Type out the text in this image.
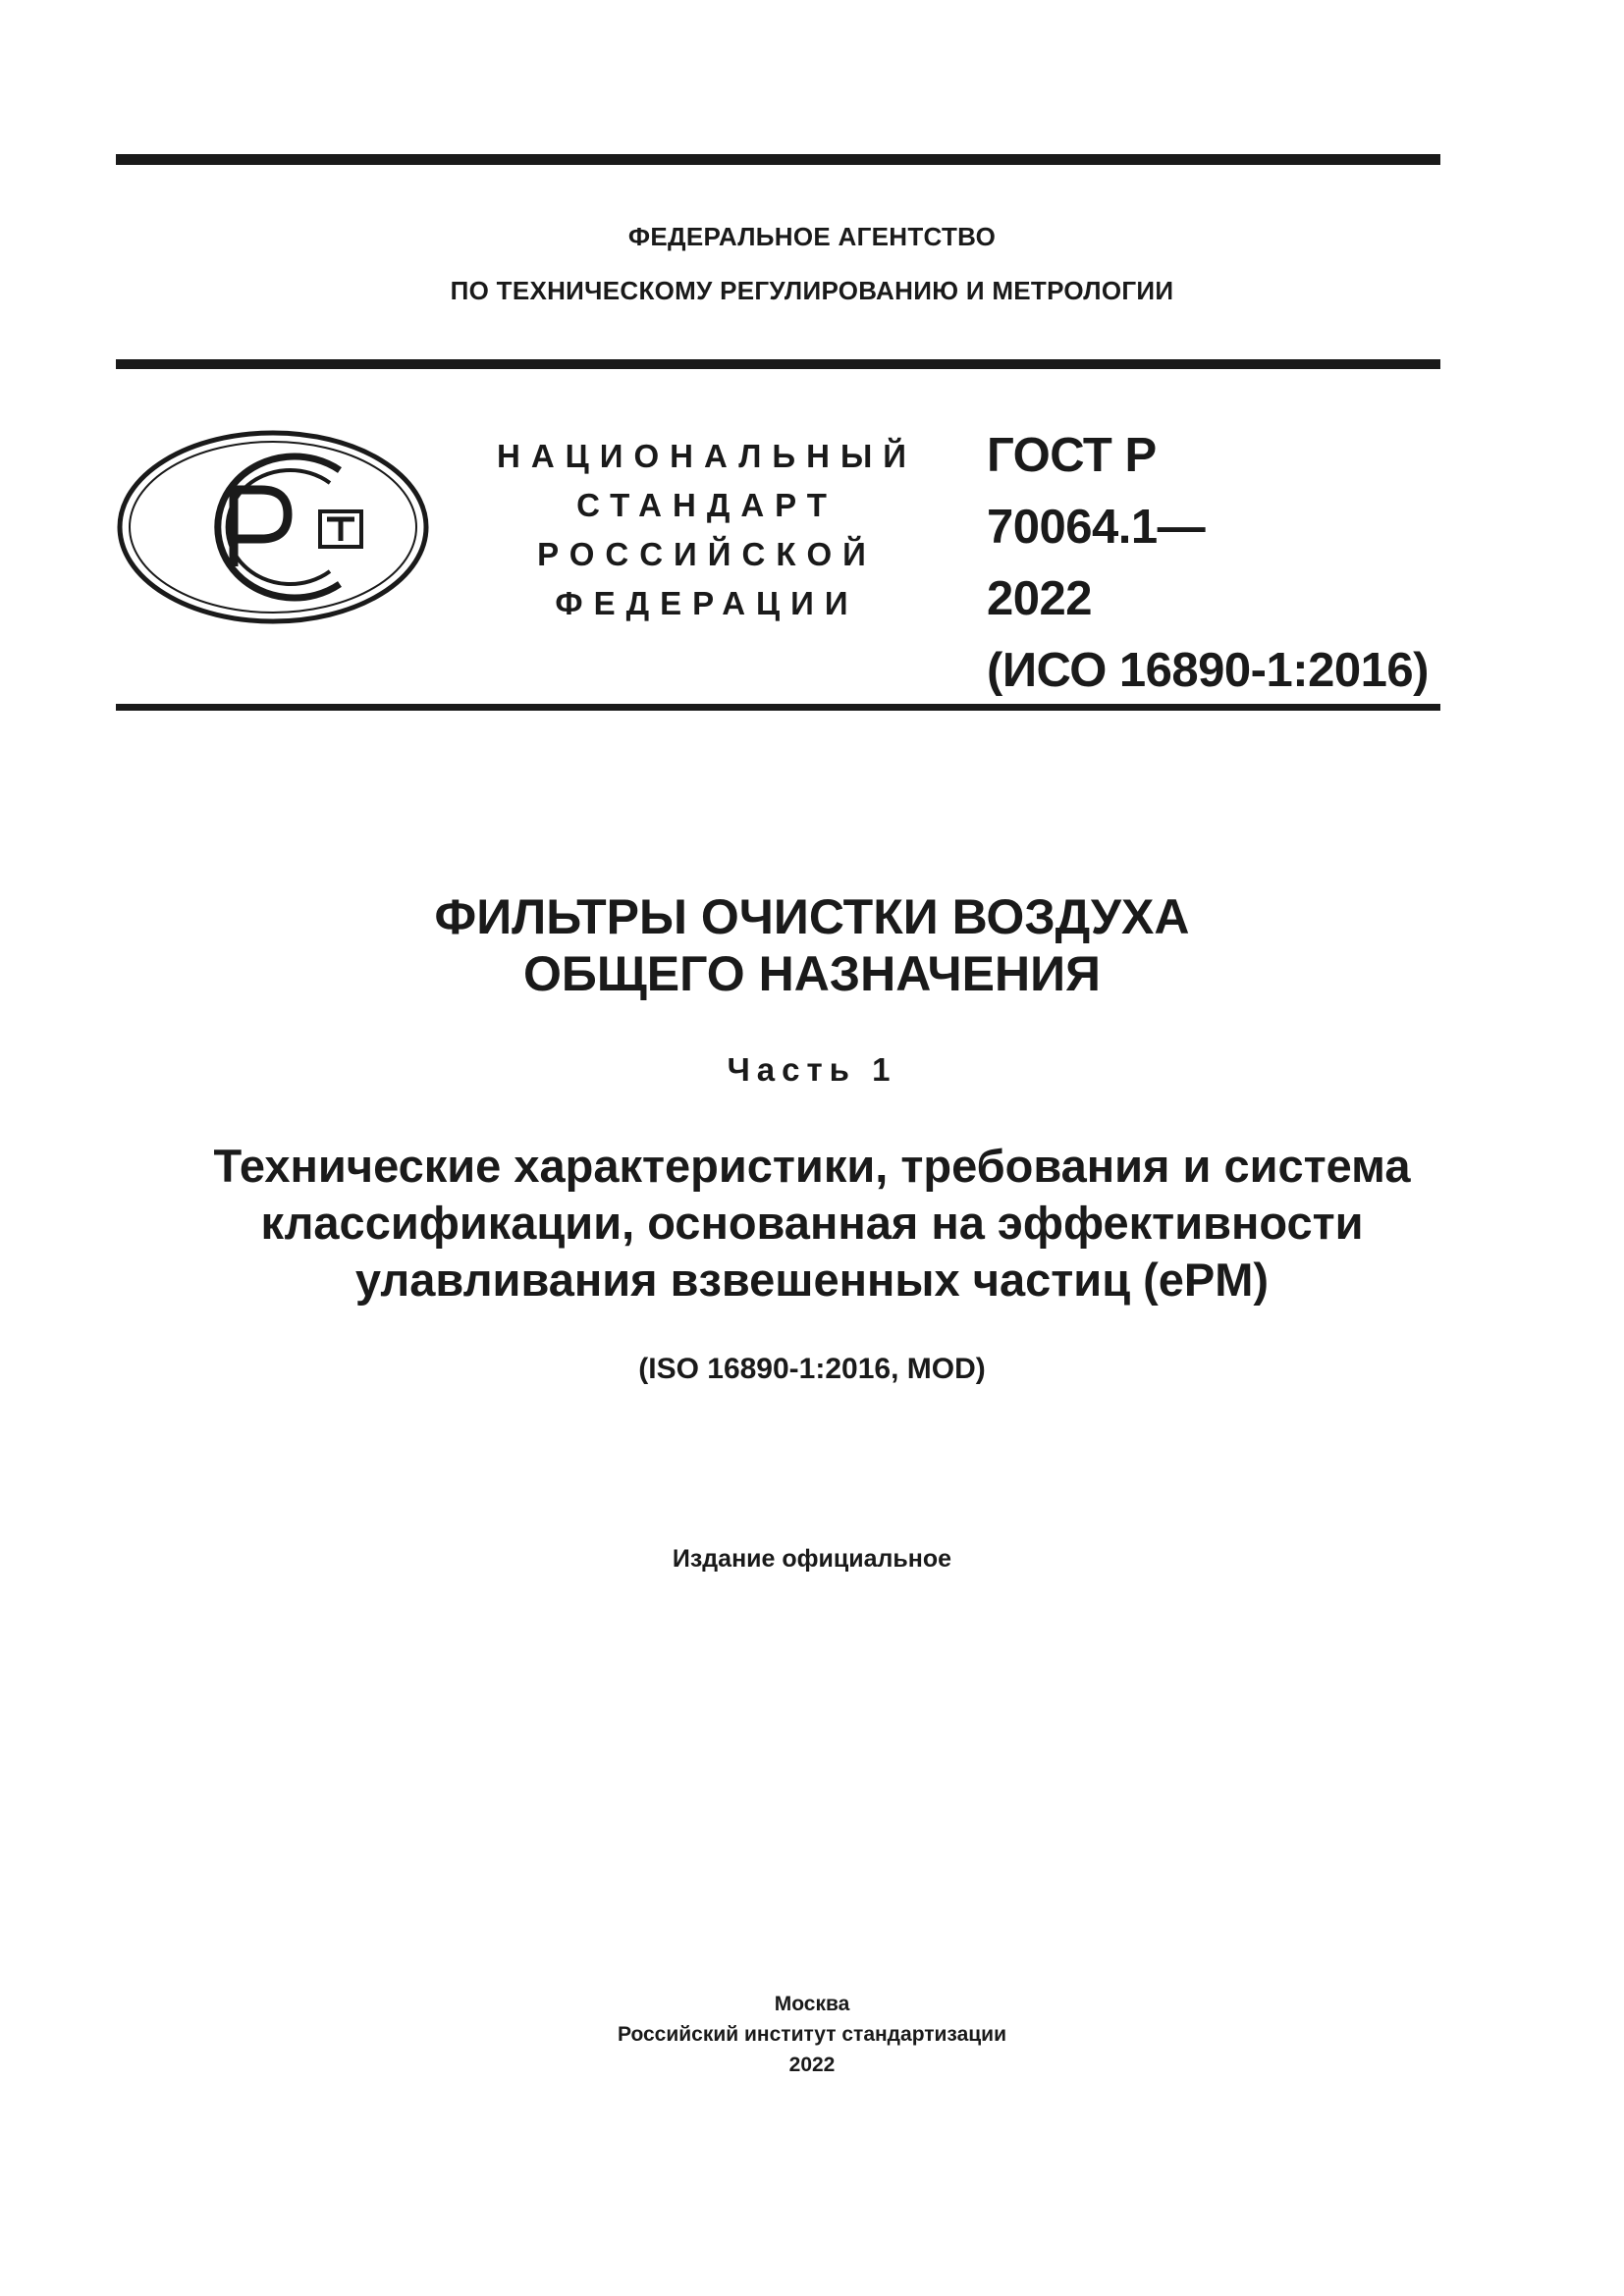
ФЕДЕРАЛЬНОЕ АГЕНТСТВО
ПО ТЕХНИЧЕСКОМУ РЕГУЛИРОВАНИЮ И МЕТРОЛОГИИ
НАЦИОНАЛЬНЫЙ
СТАНДАРТ
РОССИЙСКОЙ
ФЕДЕРАЦИИ
ГОСТ Р
70064.1—
2022
(ИСО 16890-1:2016)
ФИЛЬТРЫ ОЧИСТКИ ВОЗДУХА
ОБЩЕГО НАЗНАЧЕНИЯ
Часть 1
Технические характеристики, требования и система
классификации, основанная на эффективности
улавливания взвешенных частиц (ePM)
(ISO 16890-1:2016, MOD)
Издание официальное
Москва
Российский институт стандартизации
2022
